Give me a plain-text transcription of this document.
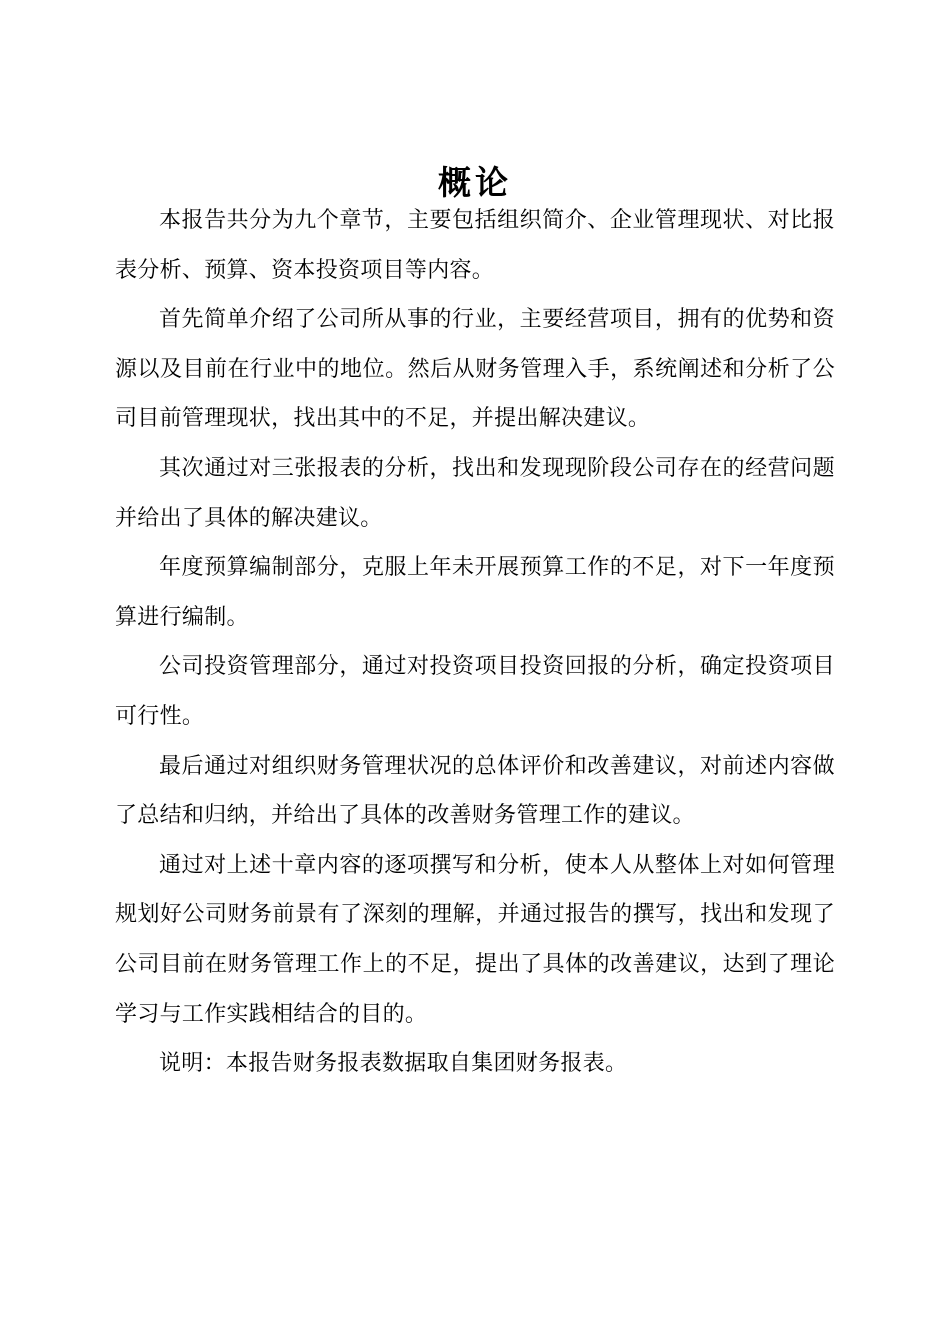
概论

本报告共分为九个章节，主要包括组织简介、企业管理现状、对比报表分析、预算、资本投资项目等内容。

首先简单介绍了公司所从事的行业，主要经营项目，拥有的优势和资源以及目前在行业中的地位。然后从财务管理入手，系统阐述和分析了公司目前管理现状，找出其中的不足，并提出解决建议。

其次通过对三张报表的分析，找出和发现现阶段公司存在的经营问题并给出了具体的解决建议。

年度预算编制部分，克服上年未开展预算工作的不足，对下一年度预算进行编制。

公司投资管理部分，通过对投资项目投资回报的分析，确定投资项目可行性。

最后通过对组织财务管理状况的总体评价和改善建议，对前述内容做了总结和归纳，并给出了具体的改善财务管理工作的建议。

通过对上述十章内容的逐项撰写和分析，使本人从整体上对如何管理规划好公司财务前景有了深刻的理解，并通过报告的撰写，找出和发现了公司目前在财务管理工作上的不足，提出了具体的改善建议，达到了理论学习与工作实践相结合的目的。

说明：本报告财务报表数据取自集团财务报表。
